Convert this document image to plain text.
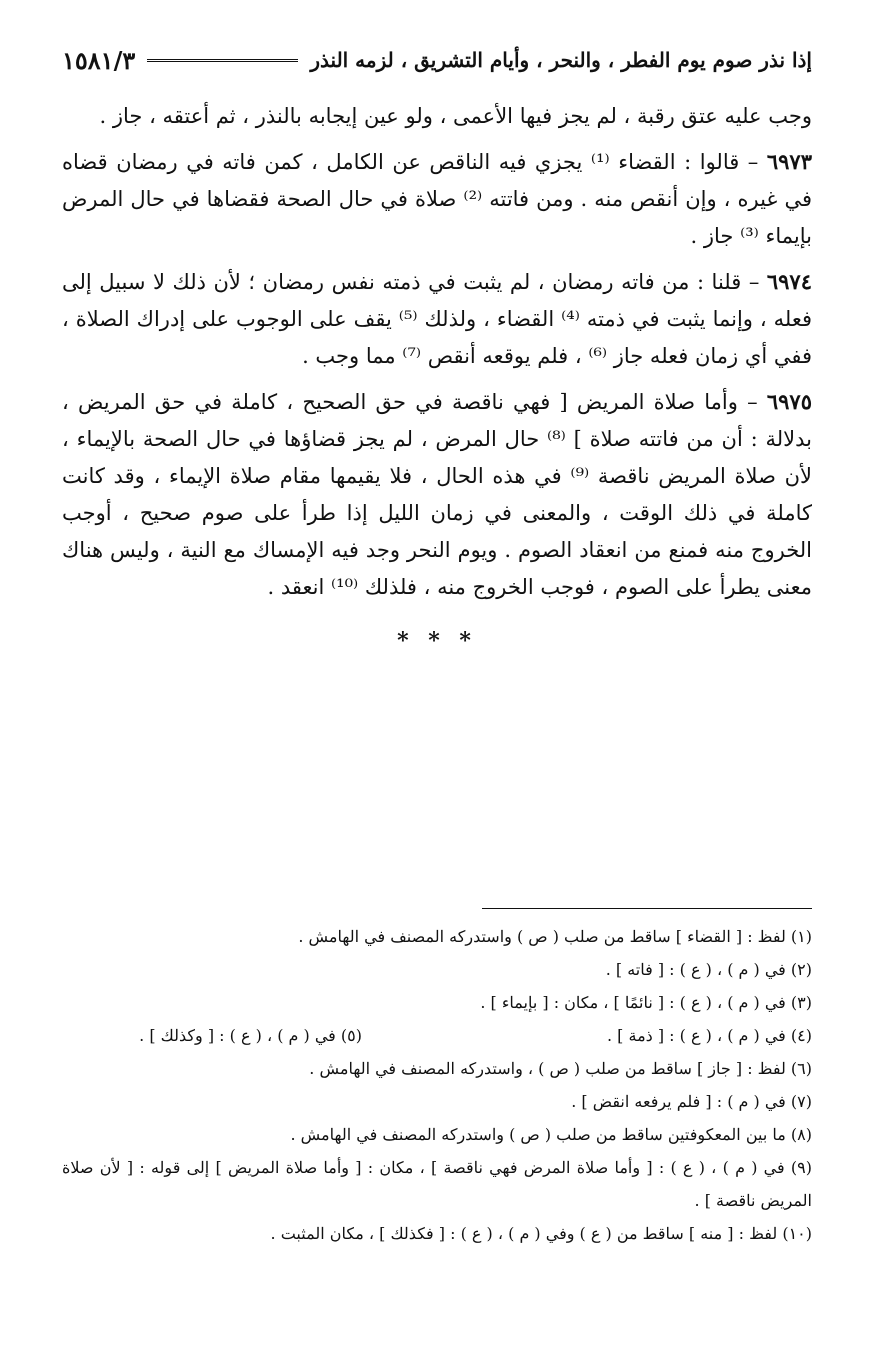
إذا نذر صوم يوم الفطر ، والنحر ، وأيام التشريق ، لزمه النذر
١٥٨١/٣

وجب عليه عتق رقبة ، لم يجز فيها الأعمى ، ولو عين إيجابه بالنذر ، ثم أعتقه ، جاز .

٦٩٧٣ – قالوا : القضاء ⁽¹⁾ يجزي فيه الناقص عن الكامل ، كمن فاته في رمضان قضاه في غيره ، وإن أنقص منه . ومن فاتته ⁽²⁾ صلاة في حال الصحة فقضاها في حال المرض بإيماء ⁽³⁾ جاز .

٦٩٧٤ – قلنا : من فاته رمضان ، لم يثبت في ذمته نفس رمضان ؛ لأن ذلك لا سبيل إلى فعله ، وإنما يثبت في ذمته ⁽⁴⁾ القضاء ، ولذلك ⁽⁵⁾ يقف على الوجوب على إدراك الصلاة ، ففي أي زمان فعله جاز ⁽⁶⁾ ، فلم يوقعه أنقص ⁽⁷⁾ مما وجب .

٦٩٧٥ – وأما صلاة المريض [ فهي ناقصة في حق الصحيح ، كاملة في حق المريض ، بدلالة : أن من فاتته صلاة ] ⁽⁸⁾ حال المرض ، لم يجز قضاؤها في حال الصحة بالإيماء ، لأن صلاة المريض ناقصة ⁽⁹⁾ في هذه الحال ، فلا يقيمها مقام صلاة الإيماء ، وقد كانت كاملة في ذلك الوقت ، والمعنى في زمان الليل إذا طرأ على صوم صحيح ، أوجب الخروج منه فمنع من انعقاد الصوم . ويوم النحر وجد فيه الإمساك مع النية ، وليس هناك معنى يطرأ على الصوم ، فوجب الخروج منه ، فلذلك ⁽¹⁰⁾ انعقد .

* * *
(١) لفظ : [ القضاء ] ساقط من صلب ( ص ) واستدركه المصنف في الهامش .
(٢) في ( م ) ، ( ع ) : [ فاته ] .
(٣) في ( م ) ، ( ع ) : [ نائمًا ] ، مكان : [ بإيماء ] .
(٤) في ( م ) ، ( ع ) : [ ذمة ] .
(٥) في ( م ) ، ( ع ) : [ وكذلك ] .
(٦) لفظ : [ جاز ] ساقط من صلب ( ص ) ، واستدركه المصنف في الهامش .
(٧) في ( م ) : [ فلم يرفعه انقض ] .
(٨) ما بين المعكوفتين ساقط من صلب ( ص ) واستدركه المصنف في الهامش .
(٩) في ( م ) ، ( ع ) : [ وأما صلاة المرض فهي ناقصة ] ، مكان : [ وأما صلاة المريض ] إلى قوله : [ لأن صلاة المريض ناقصة ] .
(١٠) لفظ : [ منه ] ساقط من ( ع ) وفي ( م ) ، ( ع ) : [ فكذلك ] ، مكان المثبت .
